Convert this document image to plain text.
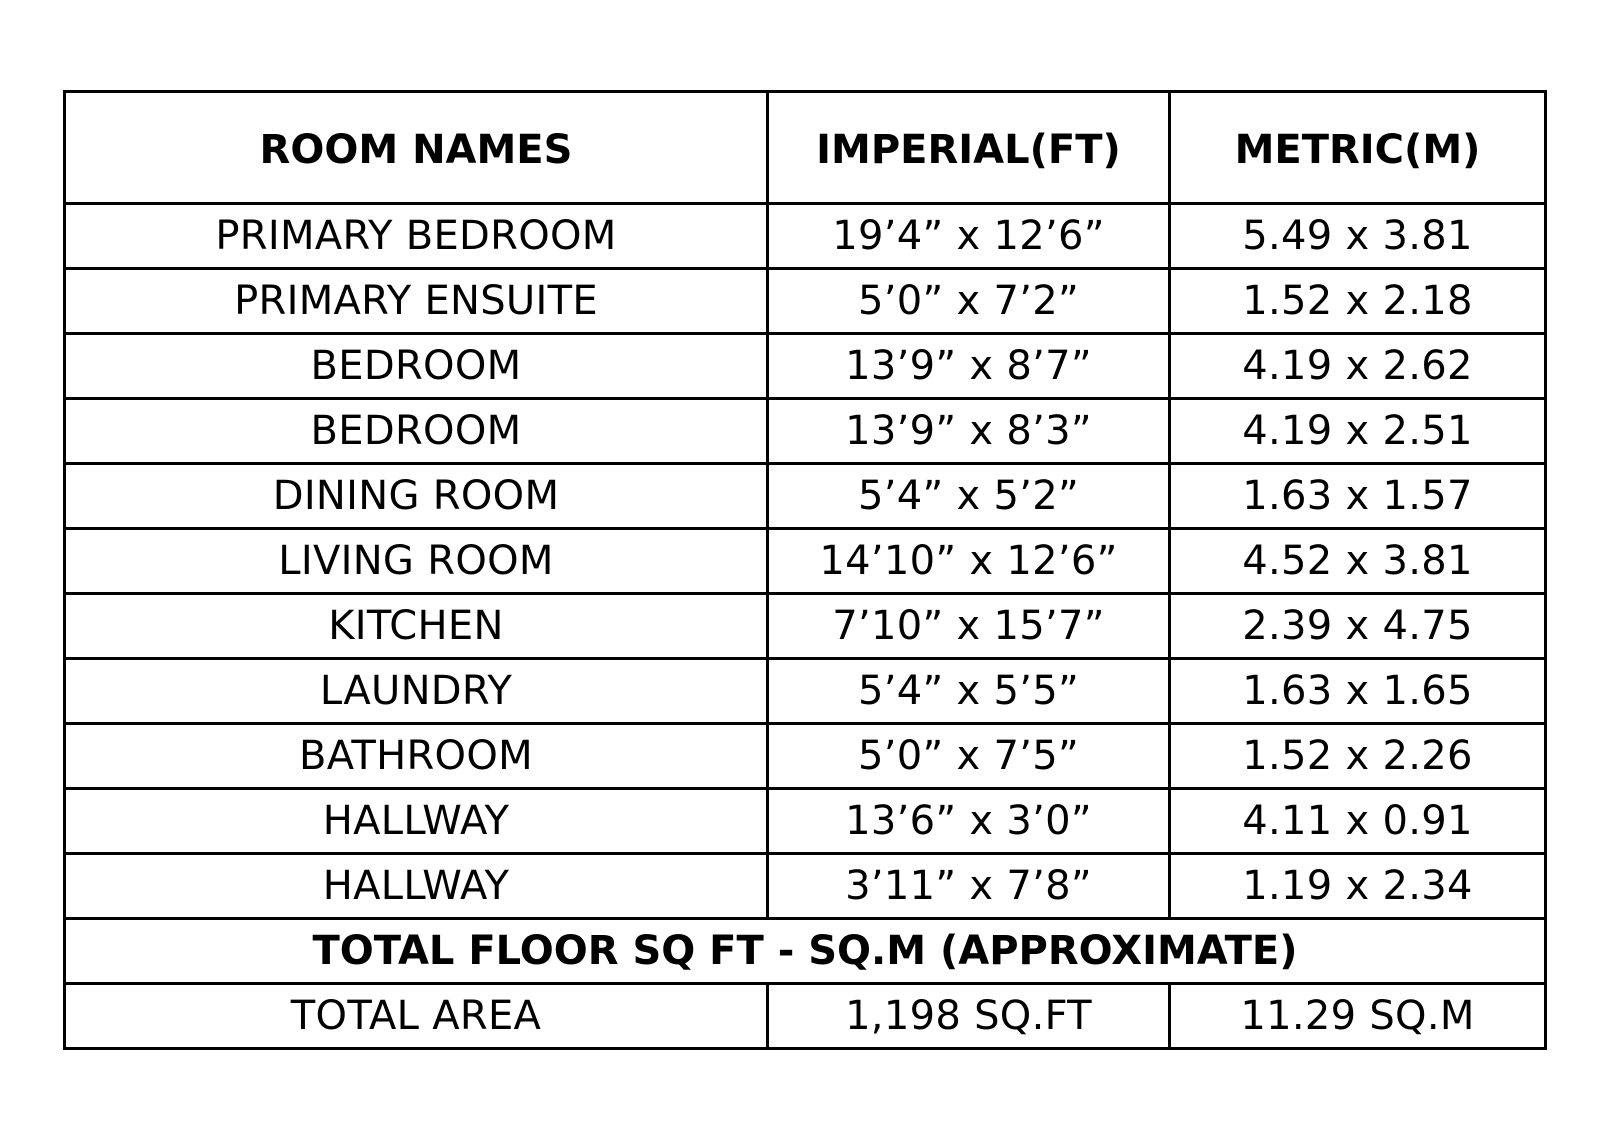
ROOM NAMES	IMPERIAL(FT)	METRIC(M)
PRIMARY BEDROOM	19’4” x 12’6”	5.49 x 3.81
PRIMARY ENSUITE	5’0” x 7’2”	1.52 x 2.18
BEDROOM	13’9” x 8’7”	4.19 x 2.62
BEDROOM	13’9” x 8’3”	4.19 x 2.51
DINING ROOM	5’4” x 5’2”	1.63 x 1.57
LIVING ROOM	14’10” x 12’6”	4.52 x 3.81
KITCHEN	7’10” x 15’7”	2.39 x 4.75
LAUNDRY	5’4” x 5’5”	1.63 x 1.65
BATHROOM	5’0” x 7’5”	1.52 x 2.26
HALLWAY	13’6” x 3’0”	4.11 x 0.91
HALLWAY	3’11” x 7’8”	1.19 x 2.34
TOTAL FLOOR SQ FT - SQ.M (APPROXIMATE)		
TOTAL AREA	1,198 SQ.FT	11.29 SQ.M
